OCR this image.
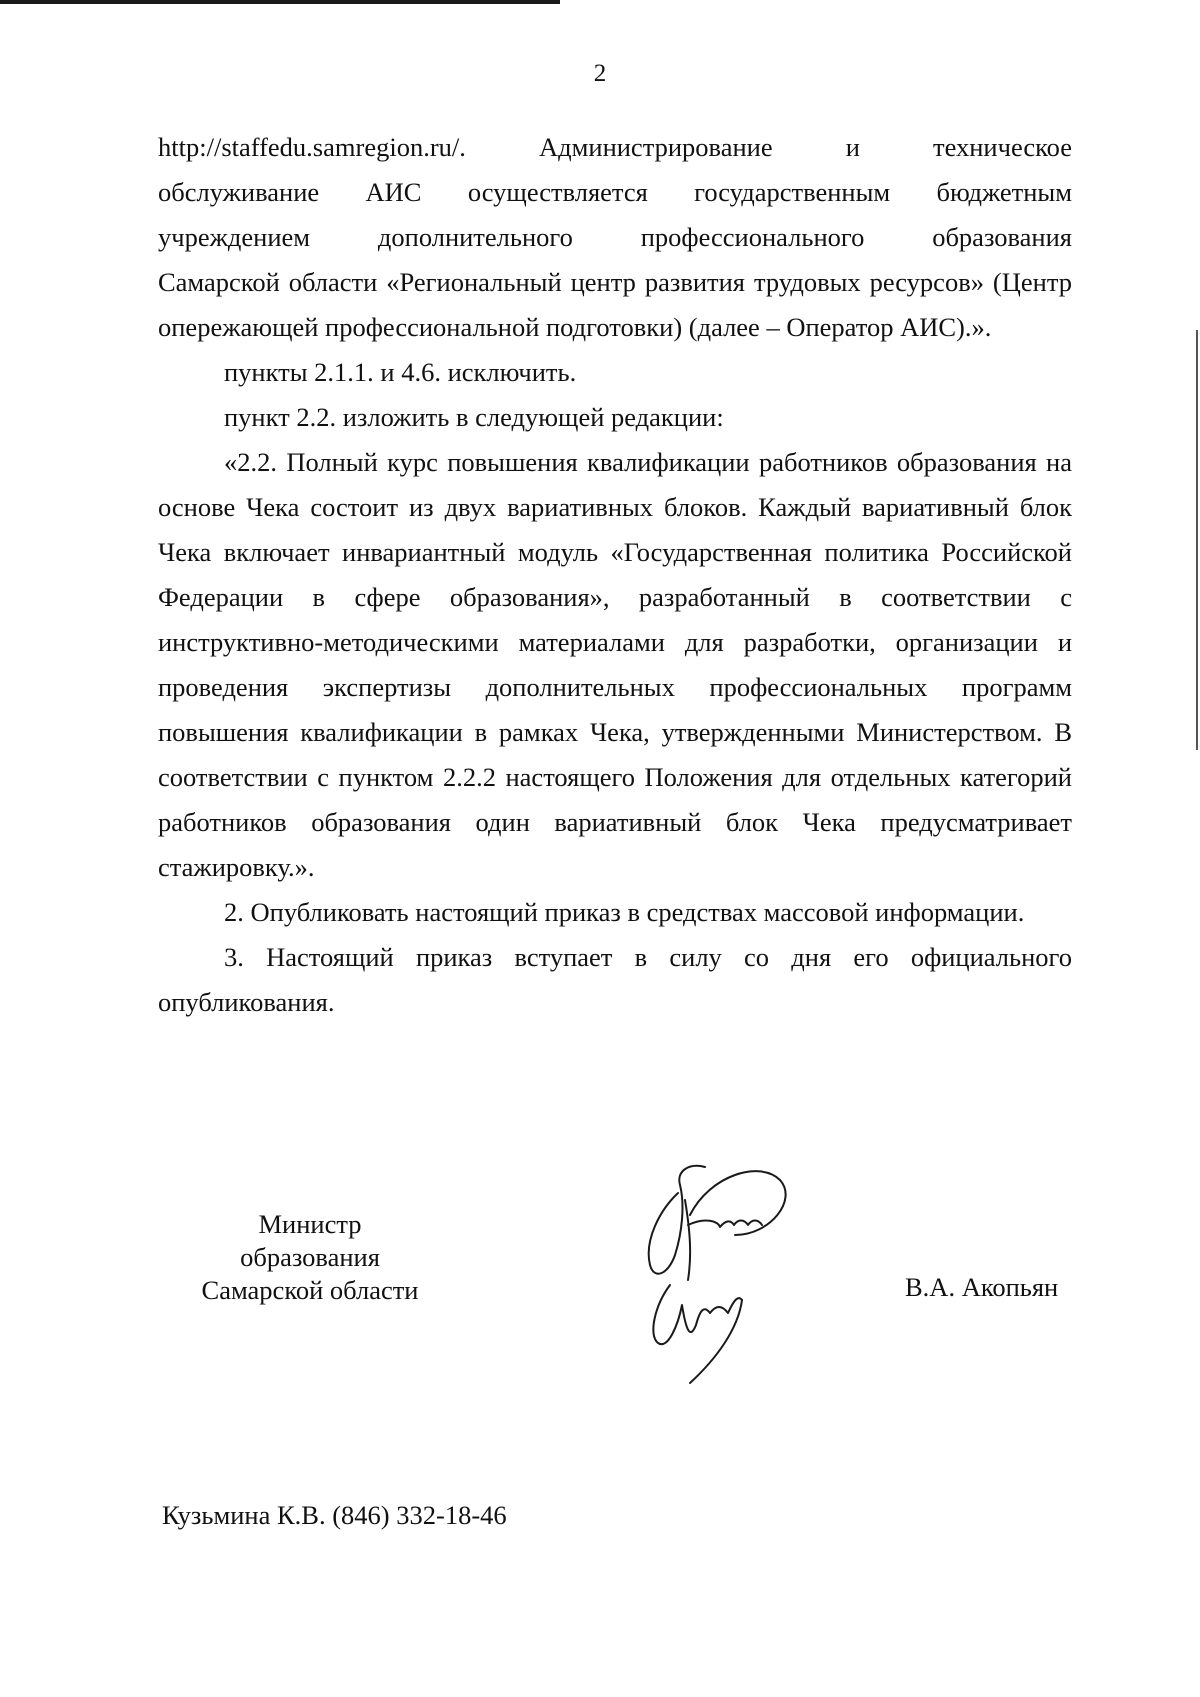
2

http://staffedu.samregion.ru/. Администрирование и техническое

обслуживание АИС осуществляется государственным бюджетным

учреждением дополнительного профессионального образования

Самарской области «Региональный центр развития трудовых ресурсов» (Центр опережающей профессиональной подготовки) (далее – Оператор АИС).».

пункты 2.1.1. и 4.6. исключить.

пункт 2.2. изложить в следующей редакции:

«2.2. Полный курс повышения квалификации работников образования на основе Чека состоит из двух вариативных блоков. Каждый вариативный блок Чека включает инвариантный модуль «Государственная политика Российской Федерации в сфере образования», разработанный в соответствии с инструктивно-методическими материалами для разработки, организации и проведения экспертизы дополнительных профессиональных программ повышения квалификации в рамках Чека, утвержденными Министерством. В соответствии с пунктом 2.2.2 настоящего Положения для отдельных категорий работников образования один вариативный блок Чека предусматривает стажировку.».

2. Опубликовать настоящий приказ в средствах массовой информации.

3. Настоящий приказ вступает в силу со дня его официального опубликования.

Министр
образования
Самарской области	В.А. Акопьян
Кузьмина К.В. (846) 332-18-46
